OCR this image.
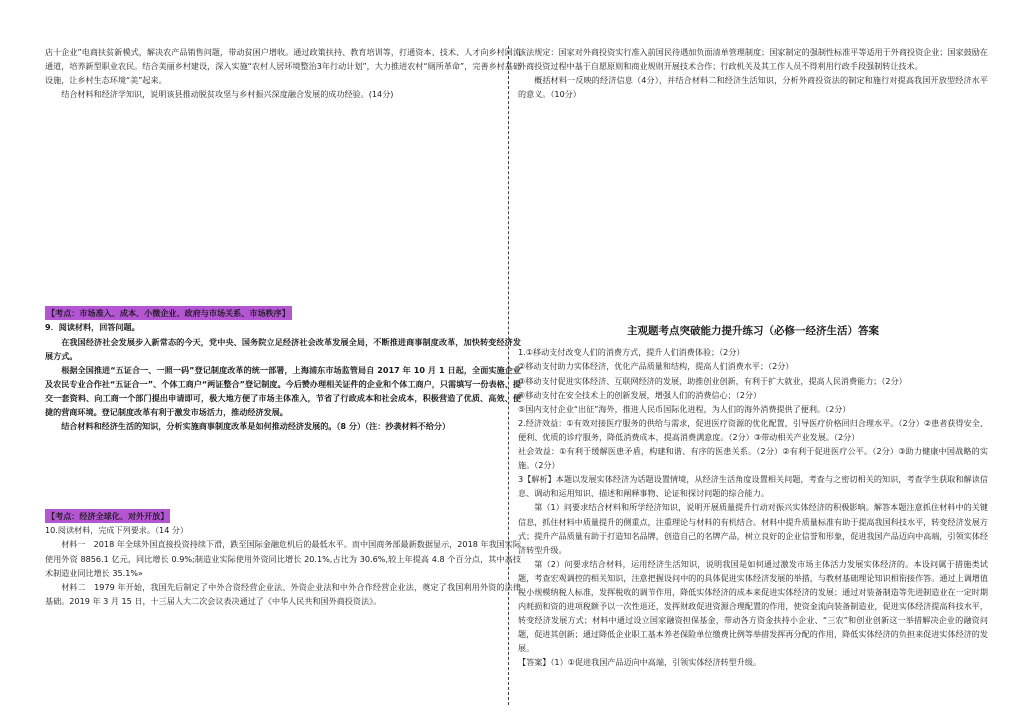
店十企业”电商扶贫新模式，解决农产品销售问题，带动贫困户增收。通过政策扶持、教育培训等，打通资本、技术、人才向乡村回流通道，培养新型职业农民。结合美丽乡村建设，深入实施“农村人居环境整治3年行动计划”，大力推进农村“厕所革命”，完善乡村基础设施，让乡村生态环境“美”起来。

结合材料和经济学知识，说明该县推动脱贫攻坚与乡村振兴深度融合发展的成功经验。(14分)

【考点：市场准入、成本、小微企业、政府与市场关系、市场秩序】

9．阅读材料，回答问题。

在我国经济社会发展步入新常态的今天，党中央、国务院立足经济社会改革发展全局，不断推进商事制度改革，加快转变经济发展方式。

根据全国推进“五证合一、一照一码”登记制度改革的统一部署，上海浦东市场监管局自 2017 年 10 月 1 日起，全面实施企业及农民专业合作社“五证合一”、个体工商户“两证整合”登记制度。今后赞办理相关证件的企业和个体工商户，只需填写一份表格、提交一套资料、向工商一个部门提出申请即可，极大地方便了市场主体准入，节省了行政成本和社会成本，积极营造了优质、高效、便捷的营商环境。登记制度改革有利于激发市场活力，推动经济发展。

结合材料和经济生活的知识，分析实施商事制度改革是如何推动经济发展的。（8 分）（注：抄袭材料不给分）

【考点：经济全球化、对外开放】

10.阅读材料，完成下列要求。（14 分）

材料一　2018 年全球外国直接投资持续下滑，跌至国际金融危机后的最低水平。而中国商务部最新数据显示，2018 年我国实际使用外资 8856.1 亿元，同比增长 0.9%;制造业实际使用外资同比增长 20.1%,占比为 30.6%,较上年提高 4.8 个百分点，其中高技术制造业同比增长 35.1%»

材料二　1979 年开始，我国先后制定了中外合资经营企业法、外资企业法和中外合作经营企业法，奠定了我国利用外资的法律基础。2019 年 3 月 15 日，十三届人大二次会议表决通过了《中华人民共和国外商投资法》。

该法规定：国家对外商投资实行准入前国民待遇加负面清单管理制度；国家制定的强制性标准平等适用于外商投资企业；国家鼓励在外商投资过程中基于自愿原则和商业规则开展技术合作；行政机关及其工作人员不得利用行政手段强制转让技术。

概括材料一反映的经济信息（4分），并结合材料二和经济生活知识，分析外商投资法的制定和施行对提高我国开放型经济水平的意义。（10分）

主观题考点突破能力提升练习（必修一经济生活）答案

1.①移动支付改变人们的消费方式，提升人们消费体验；（2分）

②移动支付助力实体经济，优化产品质量和结构，提高人们消费水平；（2分）

③移动支付促进实体经济、互联网经济的发展，助推创业创新，有利于扩大就业，提高人民消费能力；（2分）

④移动支付在安全技术上的创新发展，增强人们的消费信心；（2分）

⑤国内支付企业“出征”海外，推进人民币国际化进程，为人们的海外消费提供了便利。（2分）

2.经济效益：①有效对接医疗服务的供给与需求，促进医疗资源的优化配置，引导医疗价格回归合理水平。（2分）②患者获得安全、便利、优质的诊疗服务，降低消费成本，提高消费满意度。（2分）③带动相关产业发展。（2分）

社会效益：①有利于缓解医患矛盾，构建和谐、有序的医患关系。（2分）②有利于促进医疗公平。（2分）③助力健康中国战略的实施。（2分）

3【解析】本题以发展实体经济为话题设置情境，从经济生活角度设置相关问题，考查与之密切相关的知识，考查学生获取和解读信息、调动和运用知识、描述和阐释事物、论证和探讨问题的综合能力。

第（1）问要求结合材料和所学经济知识，说明开展质量提升行动对振兴实体经济的积极影响。解答本题注意抓住材料中的关键信息，抓住材料中质量提升的侧重点，注重理论与材料的有机结合。材料中提升质量标准有助于提高我国科技水平，转变经济发展方式；提升产品质量有助于打造知名品牌，创造自己的名牌产品，树立良好的企业信誉和形象，促进我国产品迈向中高端，引领实体经济转型升级。

第（2）问要求结合材料，运用经济生活知识，说明我国是如何通过激发市场主体活力发展实体经济的。本设问属于措施类试题，考查宏观调控的相关知识，注意把握设问中的的具体促进实体经济发展的举措，与教材基础理论知识相衔接作答。通过上调增值税小规模纳税人标准，发挥税收的调节作用，降低实体经济的成本来促进实体经济的发展；通过对装备制造等先进制造业在一定时期内耗损和资的进项税额予以一次性退还，发挥财政促进资源合理配置的作用，使资金流向装备制造业，促进实体经济提高科技水平，转变经济发展方式；材料中通过设立国家融资担保基金，带动各方资金扶持小企业、“三农”和创业创新这一举措解决企业的融资问题，促进其创新；通过降低企业职工基本养老保险单位缴费比例等举措发挥再分配的作用，降低实体经济的负担来促进实体经济的发展。

【答案】（1）①促进我国产品迈向中高端，引领实体经济转型升级。
